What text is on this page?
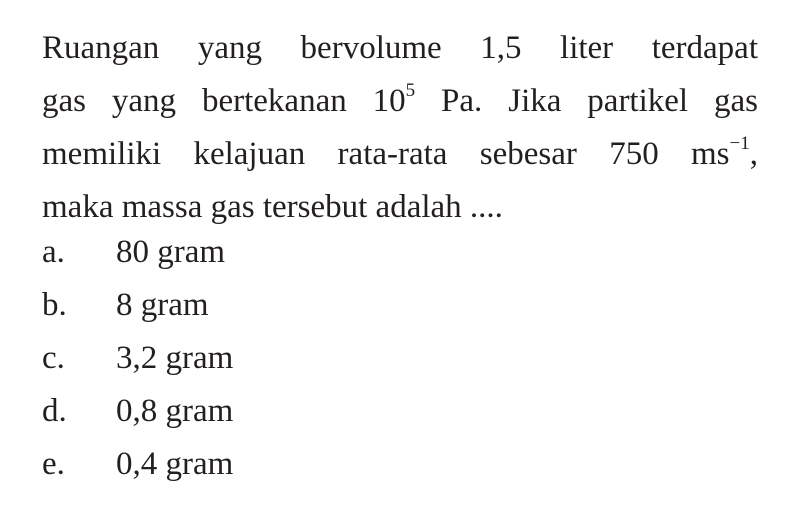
Ruangan yang bervolume 1,5 liter terdapat
gas yang bertekanan $10^5$ Pa. Jika partikel gas
memiliki kelajuan rata-rata sebesar 750 $ms^{-1}$,
maka massa gas tersebut adalah ....
a.	80 gram
b.	8 gram
c.	3,2 gram
d.	0,8 gram
e.	0,4 gram
